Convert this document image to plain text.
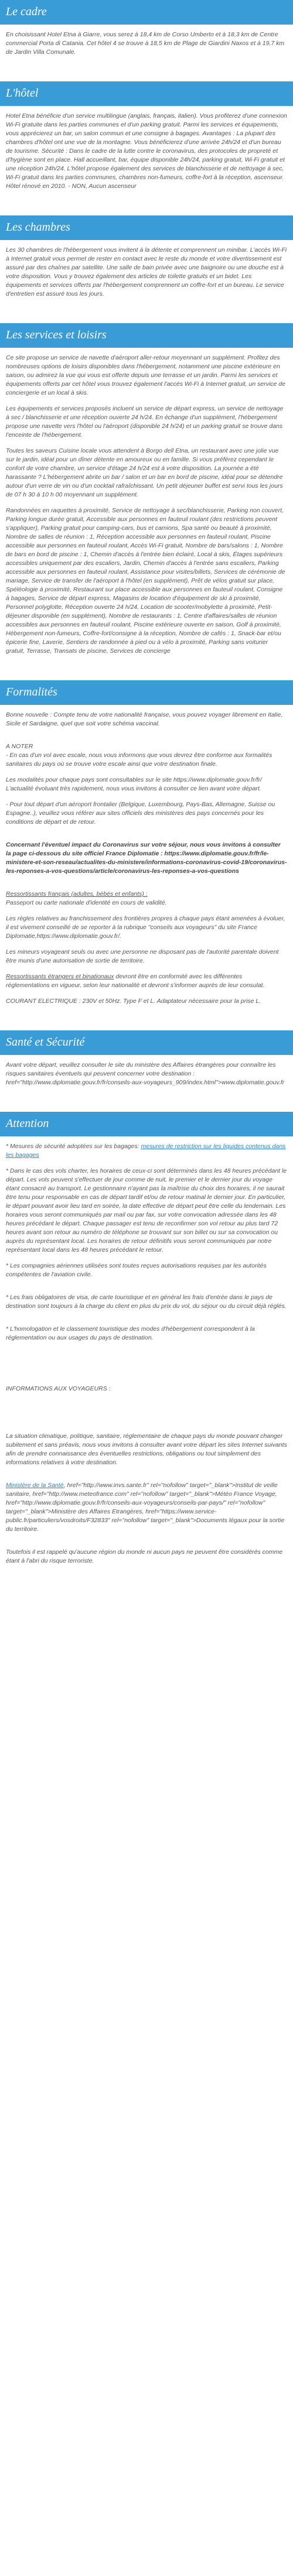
Le cadre

En choisissant Hotel Etna à Giarre, vous serez à 18,4 km de Corso Umberto et à 18,3 km de Centre commercial Porta di Catania. Cet hôtel 4 se trouve à 18,5 km de Plage de Giardini Naxos et à 19,7 km de Jardin Villa Comunale.

L'hôtel

Hotel Etna bénéficie d'un service multilingue (anglais, français, italien). Vous profiterez d'une connexion Wi-Fi gratuite dans les parties communes et d'un parking gratuit. Parmi les services et équipements, vous apprécierez un bar, un salon commun et une consigne à bagages. Avantages : La plupart des chambres d'hôtel ont une vue de la montagne. Vous bénéficierez d'une arrivée 24h/24 et d'un bureau de tourisme. Sécurité : Dans le cadre de la lutte contre le coronavirus, des protocoles de propreté et d'hygiène sont en place. Hall accueillant, bar, équipe disponible 24h/24, parking gratuit, Wi-Fi gratuit et une réception 24h/24. L'hôtel propose également des services de blanchisserie et de nettoyage à sec, Wi-Fi gratuit dans les parties communes, chambres non-fumeurs, coffre-fort à la réception, ascenseur. Hôtel rénové en 2010. - NON, Aucun ascenseur

Les chambres

Les 30 chambres de l'hébergement vous invitent à la détente et comprennent un minibar. L'accès Wi-Fi à Internet gratuit vous permet de rester en contact avec le reste du monde et votre divertissement est assuré par des chaînes par satellite. Une salle de bain privée avec une baignoire ou une douche est à votre disposition. Vous y trouvez également des articles de toilette gratuits et un bidet. Les équipements et services offerts par l'hébergement comprennent un coffre-fort et un bureau. Le service d'entretien est assuré tous les jours.

Les services et loisirs

Ce site propose un service de navette d'aéroport aller-retour moyennant un supplément. Profitez des nombreuses options de loisirs disponibles dans l'hébergement, notamment une piscine extérieure en saison, ou admirez la vue qui vous est offerte depuis une terrasse et un jardin. Parmi les services et équipements offerts par cet hôtel vous trouvez également l'accès Wi-Fi à Internet gratuit, un service de conciergerie et un local à skis.

Les équipements et services proposés incluent un service de départ express, un service de nettoyage à sec / blanchisserie et une réception ouverte 24 h/24. En échange d'un supplément, l'hébergement propose une navette vers l'hôtel ou l'aéroport (disponible 24 h/24) et un parking gratuit se trouve dans l'enceinte de l'hébergement.

Toutes les saveurs Cuisine locale vous attendent à Borgo dell Etna, un restaurant avec une jolie vue sur le jardin, idéal pour un dîner détente en amoureux ou en famille. Si vous préférez cependant le confort de votre chambre, un service d'étage 24 h/24 est à votre disposition. La journée a été harassante ? L'hébergement abrite un bar / salon et un bar en bord de piscine, idéal pour se détendre autour d'un verre de vin ou d'un cocktail rafraîchissant. Un petit déjeuner buffet est servi tous les jours de 07 h 30 à 10 h 00 moyennant un supplément.

Randonnées en raquettes à proximité, Service de nettoyage à sec/blanchisserie, Parking non couvert, Parking longue durée gratuit, Accessible aux personnes en fauteuil roulant (des restrictions peuvent s'appliquer), Parking gratuit pour camping-cars, bus et camions, Spa santé ou beauté à proximité, Nombre de salles de réunion : 1, Réception accessible aux personnes en fauteuil roulant, Piscine accessible aux personnes en fauteuil roulant, Accès Wi-Fi gratuit, Nombre de bars/salons : 1, Nombre de bars en bord de piscine : 1, Chemin d'accès à l'entrée bien éclairé, Local à skis, Étages supérieurs accessibles uniquement par des escaliers, Jardin, Chemin d'accès à l'entrée sans escaliers, Parking accessible aux personnes en fauteuil roulant, Assistance pour visites/billets, Services de cérémonie de mariage, Service de transfer de l'aéroport à l'hôtel (en supplément), Prêt de vélos gratuit sur place, Spéléologie à proximité, Restaurant sur place accessible aux personnes en fauteuil roulant, Consigne à bagages, Service de départ express, Magasins de location d'équipement de ski à proximité, Personnel polyglotte, Réception ouverte 24 h/24, Location de scooter/mobylette à proximité, Petit-déjeuner disponible (en supplément), Nombre de restaurants : 1, Centre d'affaires/salles de réunion accessibles aux personnes en fauteuil roulant, Piscine extérieure ouverte en saison, Golf à proximité, Hébergement non-fumeurs, Coffre-fort/consigne à la réception, Nombre de cafés : 1, Snack-bar et/ou épicerie fine, Laverie, Sentiers de randonnée à pied ou à vélo à proximité, Parking sans voiturier gratuit, Terrasse, Transats de piscine, Services de concierge

Formalités

Bonne nouvelle : Compte tenu de votre nationalité française, vous pouvez voyager librement en Italie, Sicile et Sardaigne, quel que soit votre schéma vaccinal.

A NOTER

- En cas d'un vol avec escale, nous vous informons que vous devrez être conforme aux formalités sanitaires du pays où se trouve votre escale ainsi que votre destination finale.

Les modalités pour chaque pays sont consultables sur le site https://www.diplomatie.gouv.fr/fr/ L'actualité évoluant très rapidement, nous vous invitons à consulter ce lien avant votre départ.

- Pour tout départ d'un aéroport frontalier (Belgique, Luxembourg, Pays-Bas, Allemagne, Suisse ou Espagne..), veuillez vous référer aux sites officiels des ministères des pays concernés pour les conditions de départ et de retour.

Concernant l'éventuel impact du Coronavirus sur votre séjour, nous vous invitons à consulter la page ci-dessous du site officiel France Diplomatie : https://www.diplomatie.gouv.fr/fr/le-ministere-et-son-reseau/actualites-du-ministere/informations-coronavirus-covid-19/coronavirus-les-reponses-a-vos-questions/article/coronavirus-les-reponses-a-vos-questions

Ressortissants français (adultes, bébés et enfants) :

Passeport ou carte nationale d'identité en cours de validité.

Les règles relatives au franchissement des frontières propres à chaque pays étant amenées à évoluer, il est vivement conseillé de se reporter à la rubrique "conseils aux voyageurs" du site France Diplomatie,https://www.diplomatie.gouv.fr/.

Les mineurs voyageant seuls ou avec une personne ne disposant pas de l'autorité parentale doivent être munis d'une autorisation de sortie de territoire.

Ressortissants étrangers et binationaux devront être en conformité avec les différentes réglementations en vigueur, selon leur nationalité et devront s'informer auprès de leur consulat.

COURANT ELECTRIQUE : 230V et 50Hz. Type F et L. Adaptateur nécessaire pour la prise L.

Santé et Sécurité

Avant votre départ, veuillez consulter le site du ministère des Affaires étrangères pour connaître les risques sanitaires éventuels qui peuvent concerner votre destination : href="http://www.diplomatie.gouv.fr/fr/conseils-aux-voyageurs_909/index.html">www.diplomatie.gouv.fr

Attention

* Mesures de sécurité adoptées sur les bagages: mesures de restriction sur les liquides contenus dans les bagages

* Dans le cas des vols charter, les horaires de ceux-ci sont déterminés dans les 48 heures précédant le départ. Les vols peuvent s'effectuer de jour comme de nuit, le premier et le dernier jour du voyage étant consacré au transport. Le gestionnaire n'ayant pas la maîtrise du choix des horaires, il ne saurait être tenu pour responsable en cas de départ tardif et/ou de retour matinal le dernier jour. En particulier, le départ pouvant avoir lieu tard en soirée, la date effective de départ peut être celle du lendemain. Les horaires vous seront communiqués par mail ou par fax, sur votre convocation adressée dans les 48 heures précédant le départ. Chaque passager est tenu de reconfirmer son vol retour au plus tard 72 heures avant son retour au numéro de téléphone se trouvant sur son billet ou sur sa convocation ou auprès du représentant local. Les horaires de retour définitifs vous seront communiqués par notre représentant local dans les 48 heures précédant le retour.

* Les compagnies aériennes utilisées sont toutes reçues autorisations requises par les autorités compétentes de l'aviation civile.

* Les frais obligatoires de visa, de carte touristique et en général les frais d'entrée dans le pays de destination sont toujours à la charge du client en plus du prix du vol, du séjour ou du circuit déjà réglés.

* L'homologation et le classement touristique des modes d'hébergement correspondent à la réglementation ou aux usages du pays de destination.

INFORMATIONS AUX VOYAGEURS :

La situation climatique, politique, sanitaire, réglementaire de chaque pays du monde pouvant changer subitement et sans préavis, nous vous invitons à consulter avant votre départ les sites Internet suivants afin de prendre connaissance des éventuelles restrictions, obligations ou tout simplement des informations relatives à votre destination.

Ministère de la Santé, href="http://www.invs.sante.fr" rel="nofollow" target="_blank">Institut de veille sanitaire, href="http://www.meteofrance.com" rel="nofollow" target="_blank">Météo France Voyage, href="http://www.diplomatie.gouv.fr/fr/conseils-aux-voyageurs/conseils-par-pays/" rel="nofollow" target="_blank">Ministère des Affaires Etrangères, href="https://www.service-public.fr/particuliers/vosdroits/F32833" rel="nofollow" target="_blank">Documents légaux pour la sortie du territoire.

Toutefois il est rappelé qu'aucune région du monde ni aucun pays ne peuvent être considérés comme étant à l'abri du risque terroriste.
